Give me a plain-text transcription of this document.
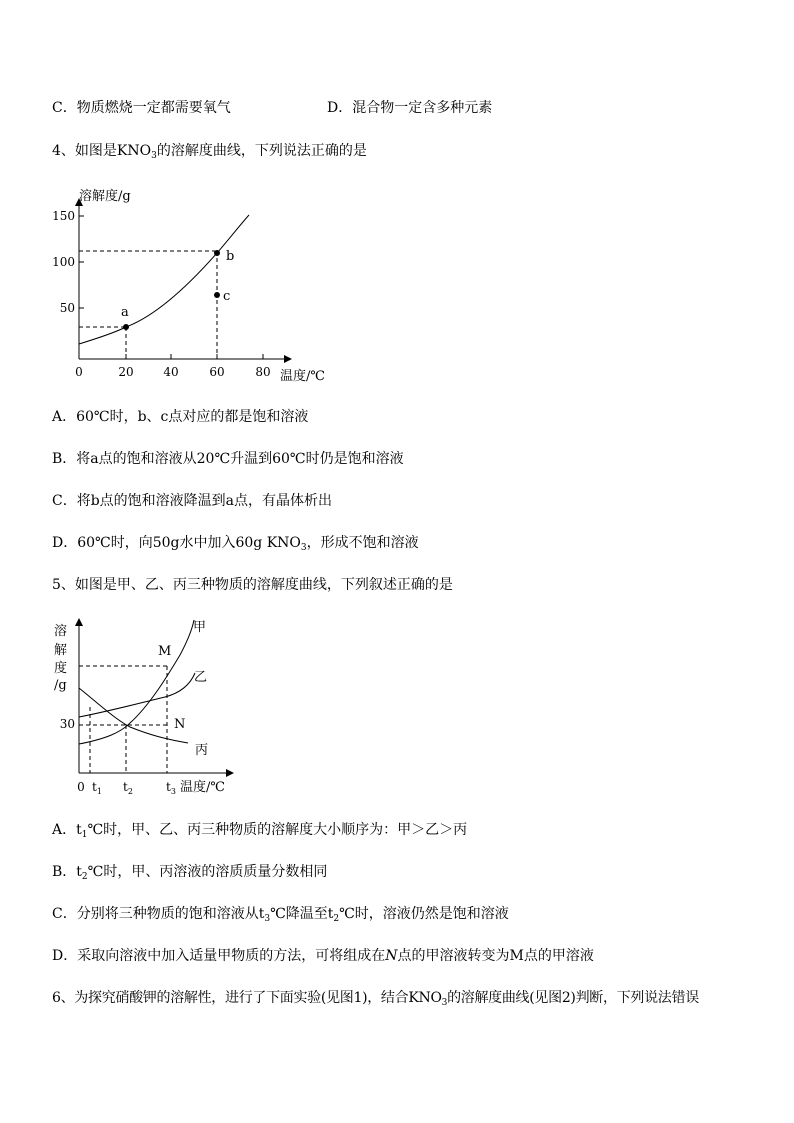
C．物质燃烧一定都需要氧气	D．混合物一定含多种元素
4、如图是$KNO_3$的溶解度曲线，下列说法正确的是
溶解度/g
温度/℃
150
100
50
0	20 40	60	80
a
b
c
A．60℃时，b、c点对应的都是饱和溶液
B．将a点的饱和溶液从20℃升温到60℃时仍是饱和溶液
C．将b点的饱和溶液降温到a点，有晶体析出
D．60℃时，向50g水中加入60g $KNO_3$，形成不饱和溶液
5、如图是甲、乙、丙三种物质的溶解度曲线，下列叙述正确的是
溶 解 度 /g
30
0 $t_1$ $t_2$	$t_3$ 温度/℃
甲
乙
丙
M
N
A．$t_1℃$时，甲、乙、丙三种物质的溶解度大小顺序为：甲＞乙＞丙
B．$t_2℃$时，甲、丙溶液的溶质质量分数相同
C．分别将三种物质的饱和溶液从$t_3℃$降温至$t_2℃$时，溶液仍然是饱和溶液
D．采取向溶液中加入适量甲物质的方法，可将组成在N点的甲溶液转变为M点的甲溶液
6、为探究硝酸钾的溶解性，进行了下面实验(见图1)，结合$KNO_3$的溶解度曲线(见图2)判断，下列说法错误
